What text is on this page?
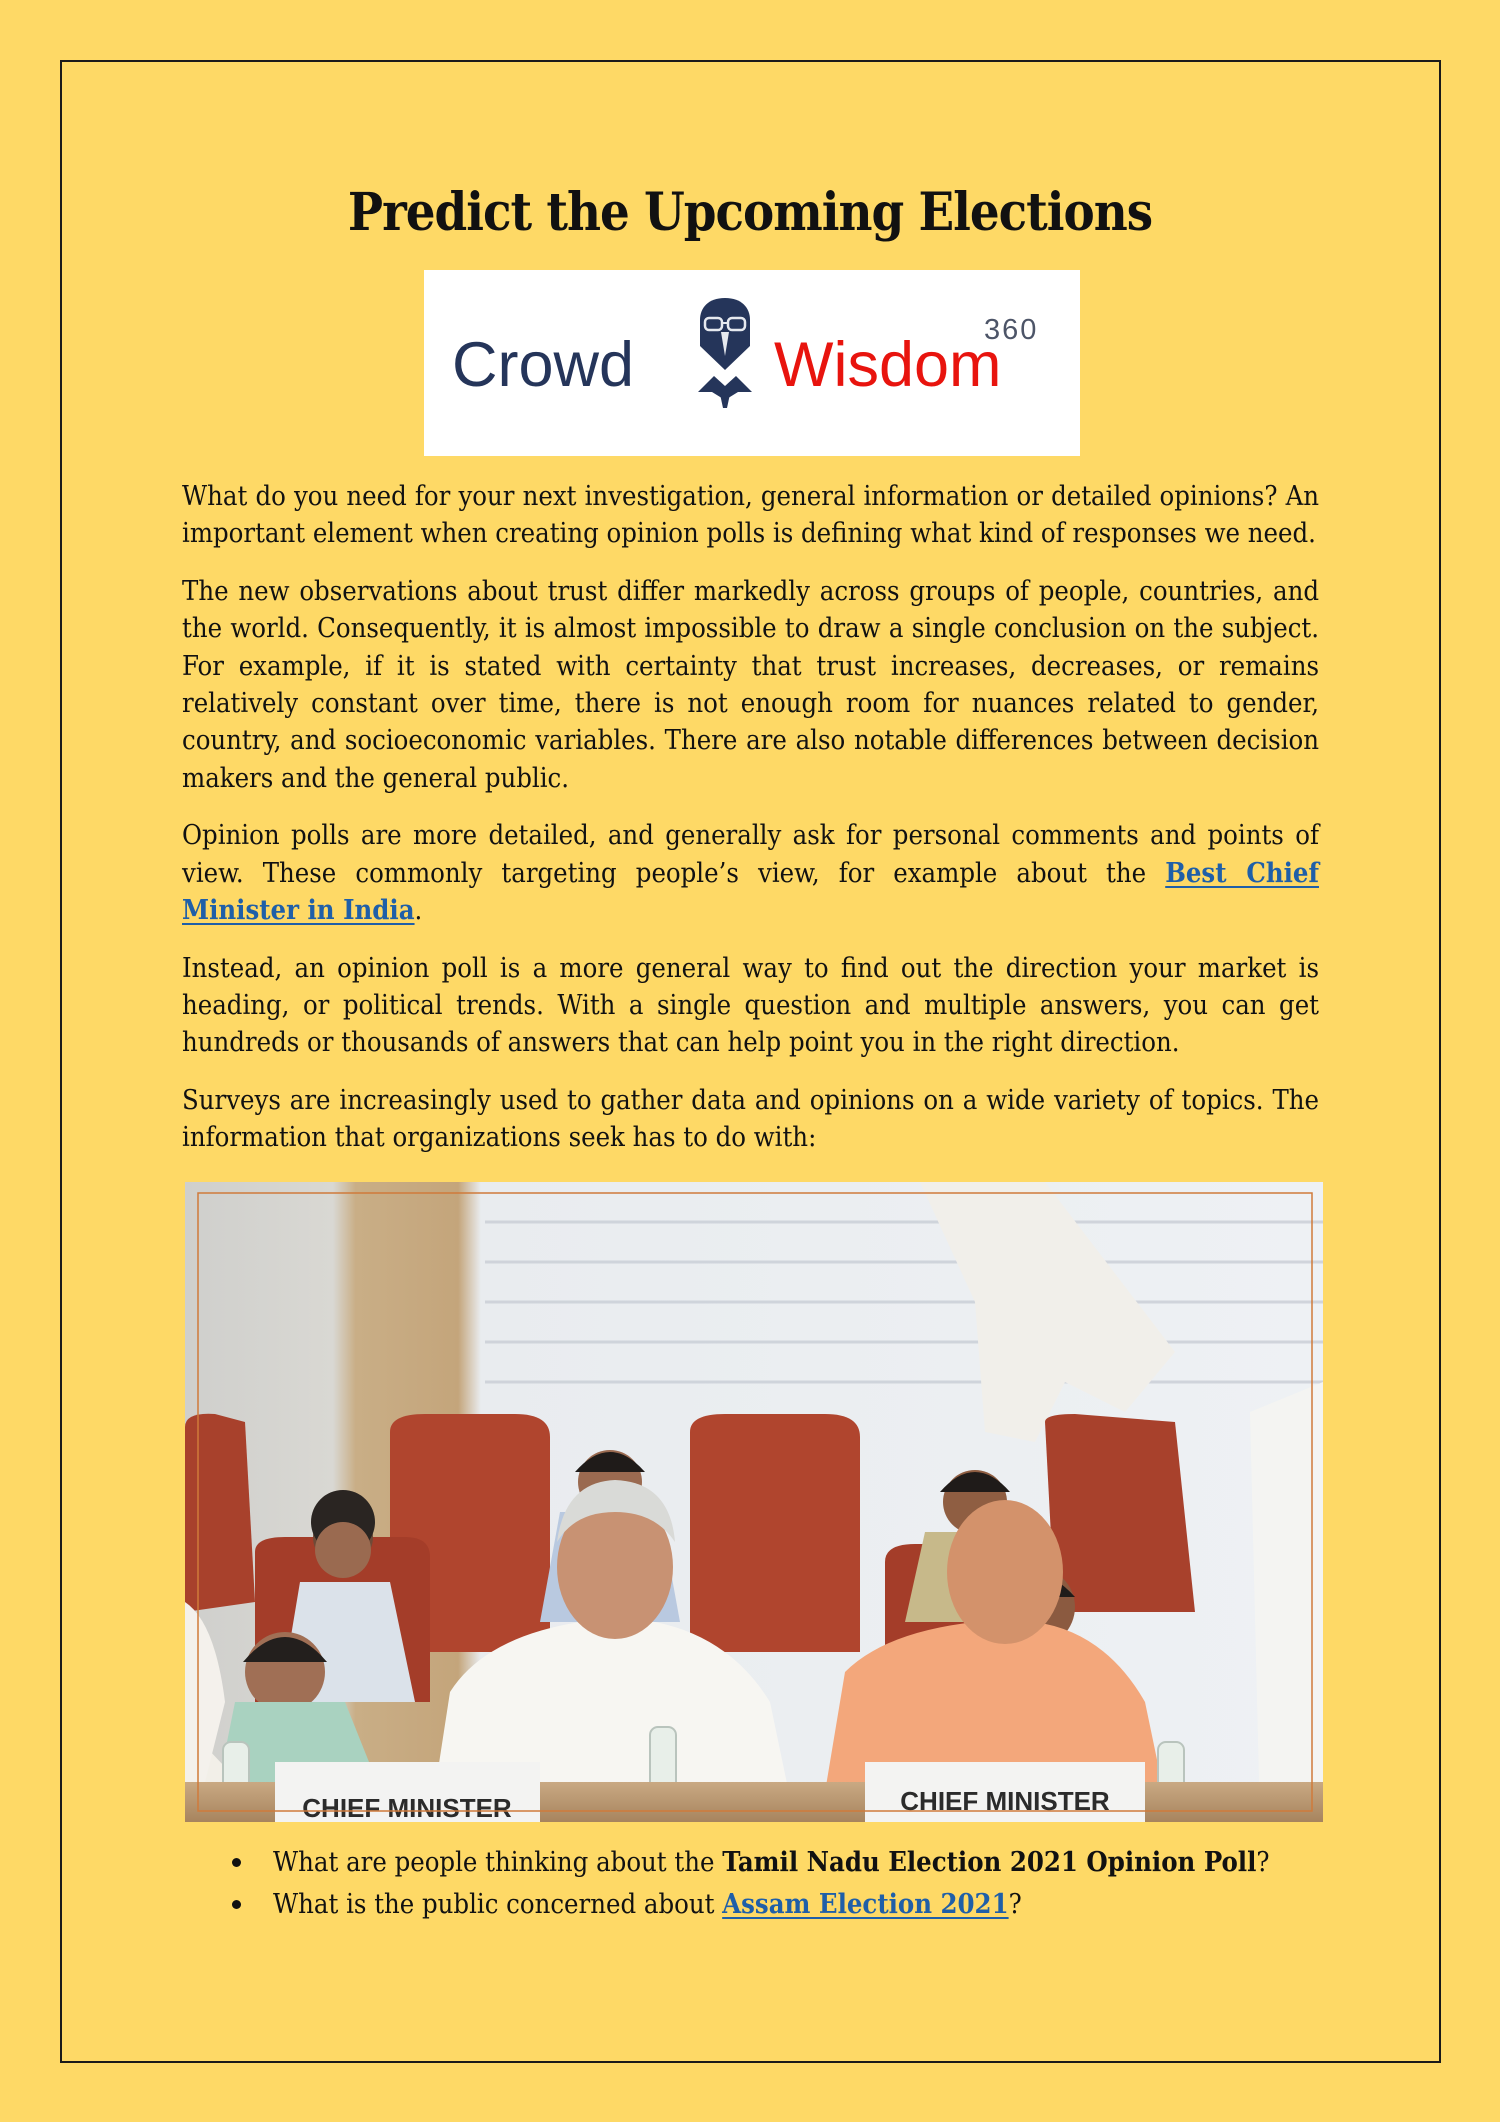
Predict the Upcoming Elections
Crowd Wisdom
360

What do you need for your next investigation, general information or detailed opinions? An important element when creating opinion polls is defining what kind of responses we need.

The new observations about trust differ markedly across groups of people, countries, and the world. Consequently, it is almost impossible to draw a single conclusion on the subject. For example, if it is stated with certainty that trust increases, decreases, or remains relatively constant over time, there is not enough room for nuances related to gender, country, and socioeconomic variables. There are also notable differences between decision makers and the general public.

Opinion polls are more detailed, and generally ask for personal comments and points of view. These commonly targeting people’s view, for example about the Best Chief Minister in India.

Instead, an opinion poll is a more general way to find out the direction your market is heading, or political trends. With a single question and multiple answers, you can get hundreds or thousands of answers that can help point you in the right direction.

Surveys are increasingly used to gather data and opinions on a wide variety of topics. The information that organizations seek has to do with:

CHIEF MINISTER	CHIEF MINISTER
What are people thinking about the Tamil Nadu Election 2021 Opinion Poll?
What is the public concerned about Assam Election 2021?
